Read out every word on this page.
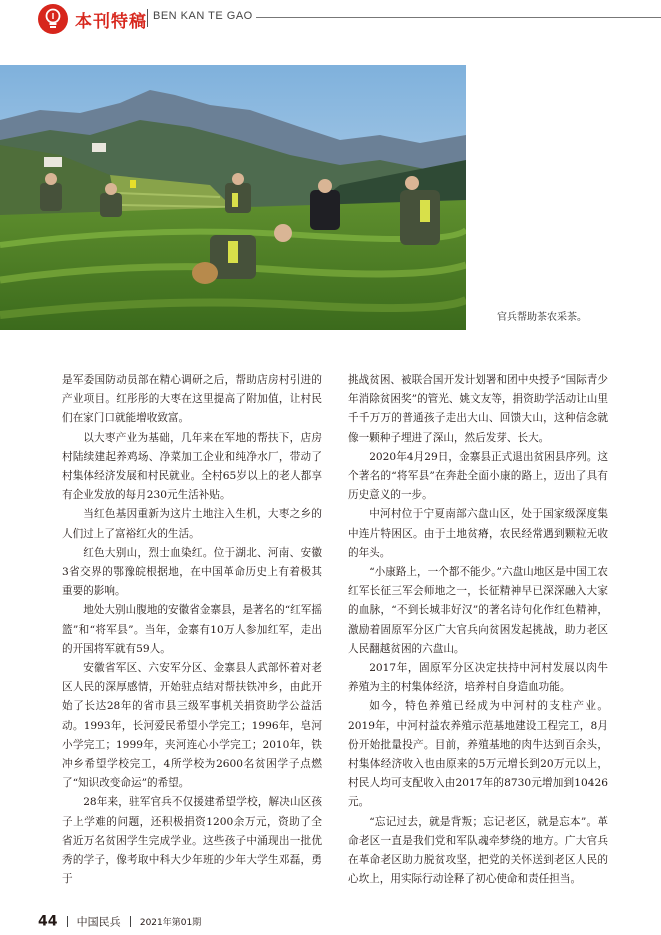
本刊特稿 BEN KAN TE GAO
官兵帮助茶农采茶。

是军委国防动员部在精心调研之后，帮助店房村引进的产业项目。红彤彤的大枣在这里提高了附加值，让村民们在家门口就能增收致富。

以大枣产业为基础，几年来在军地的帮扶下，店房村陆续建起养鸡场、净菜加工企业和纯净水厂，带动了村集体经济发展和村民就业。全村65岁以上的老人都享有企业发放的每月230元生活补贴。

当红色基因重新为这片土地注入生机，大枣之乡的人们过上了富裕红火的生活。

红色大别山，烈士血染红。位于湖北、河南、安徽3省交界的鄂豫皖根据地，在中国革命历史上有着极其重要的影响。

地处大别山腹地的安徽省金寨县，是著名的“红军摇篮”和“将军县”。当年，金寨有10万人参加红军，走出的开国将军就有59人。

安徽省军区、六安军分区、金寨县人武部怀着对老区人民的深厚感情，开始驻点结对帮扶铁冲乡，由此开始了长达28年的省市县三级军事机关捐资助学公益活动。1993年，长河爱民希望小学完工；1996年，皂河小学完工；1999年，夹河连心小学完工；2010年，铁冲乡希望学校完工，4所学校为2600名贫困学子点燃了“知识改变命运”的希望。

28年来，驻军官兵不仅援建希望学校，解决山区孩子上学难的问题，还积极捐资1200余万元，资助了全省近万名贫困学生完成学业。这些孩子中涌现出一批优秀的学子，像考取中科大少年班的少年大学生邓磊，勇于

挑战贫困、被联合国开发计划署和团中央授予“国际青少年消除贫困奖”的管光、姚文友等，捐资助学活动让山里千千万万的普通孩子走出大山、回馈大山，这种信念就像一颗种子埋进了深山，然后发芽、长大。

2020年4月29日，金寨县正式退出贫困县序列。这个著名的“将军县”在奔赴全面小康的路上，迈出了具有历史意义的一步。

中河村位于宁夏南部六盘山区，处于国家级深度集中连片特困区。由于土地贫瘠，农民经常遇到颗粒无收的年头。

“小康路上，一个都不能少。”六盘山地区是中国工农红军长征三军会师地之一，长征精神早已深深融入大家的血脉，“不到长城非好汉”的著名诗句化作红色精神，激励着固原军分区广大官兵向贫困发起挑战，助力老区人民翻越贫困的六盘山。

2017年，固原军分区决定扶持中河村发展以肉牛养殖为主的村集体经济，培养村自身造血功能。

如今，特色养殖已经成为中河村的支柱产业。2019年，中河村益农养殖示范基地建设工程完工，8月份开始批量投产。目前，养殖基地的肉牛达到百余头，村集体经济收入也由原来的5万元增长到20万元以上，村民人均可支配收入由2017年的8730元增加到10426元。

“忘记过去，就是背叛；忘记老区，就是忘本”。革命老区一直是我们党和军队魂牵梦绕的地方。广大官兵在革命老区助力脱贫攻坚，把党的关怀送到老区人民的心坎上，用实际行动诠释了初心使命和责任担当。

44 中国民兵 2021年第01期
